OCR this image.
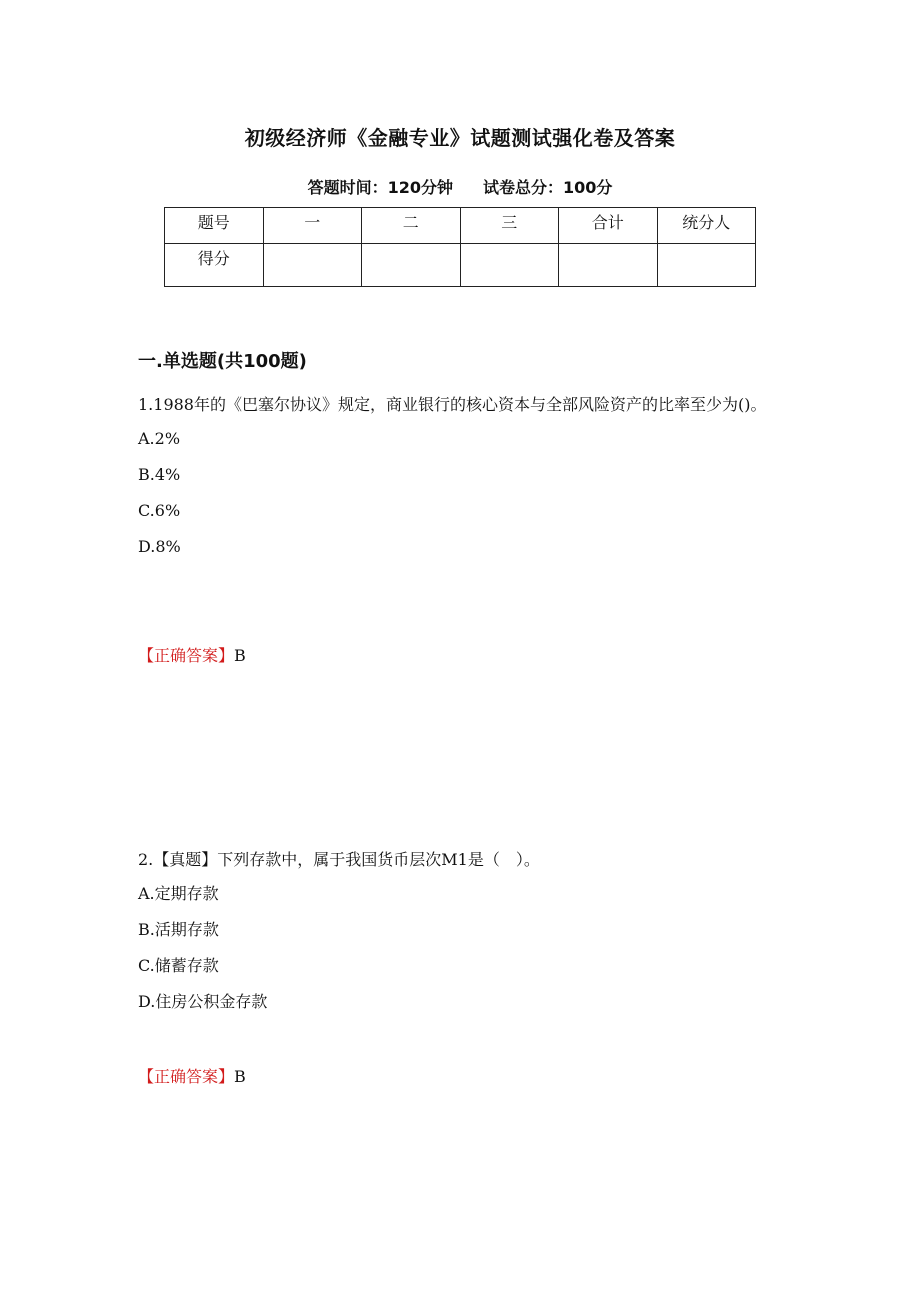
初级经济师《金融专业》试题测试强化卷及答案
答题时间：120分钟 试卷总分：100分
题号	一	二	三	合计	统分人
得分					
一.单选题(共100题)

1.1988年的《巴塞尔协议》规定，商业银行的核心资本与全部风险资产的比率至少为()。

A.2%

B.4%

C.6%

D.8%

【正确答案】B

2.【真题】下列存款中，属于我国货币层次M1是（　）。

A.定期存款

B.活期存款

C.储蓄存款

D.住房公积金存款

【正确答案】B
